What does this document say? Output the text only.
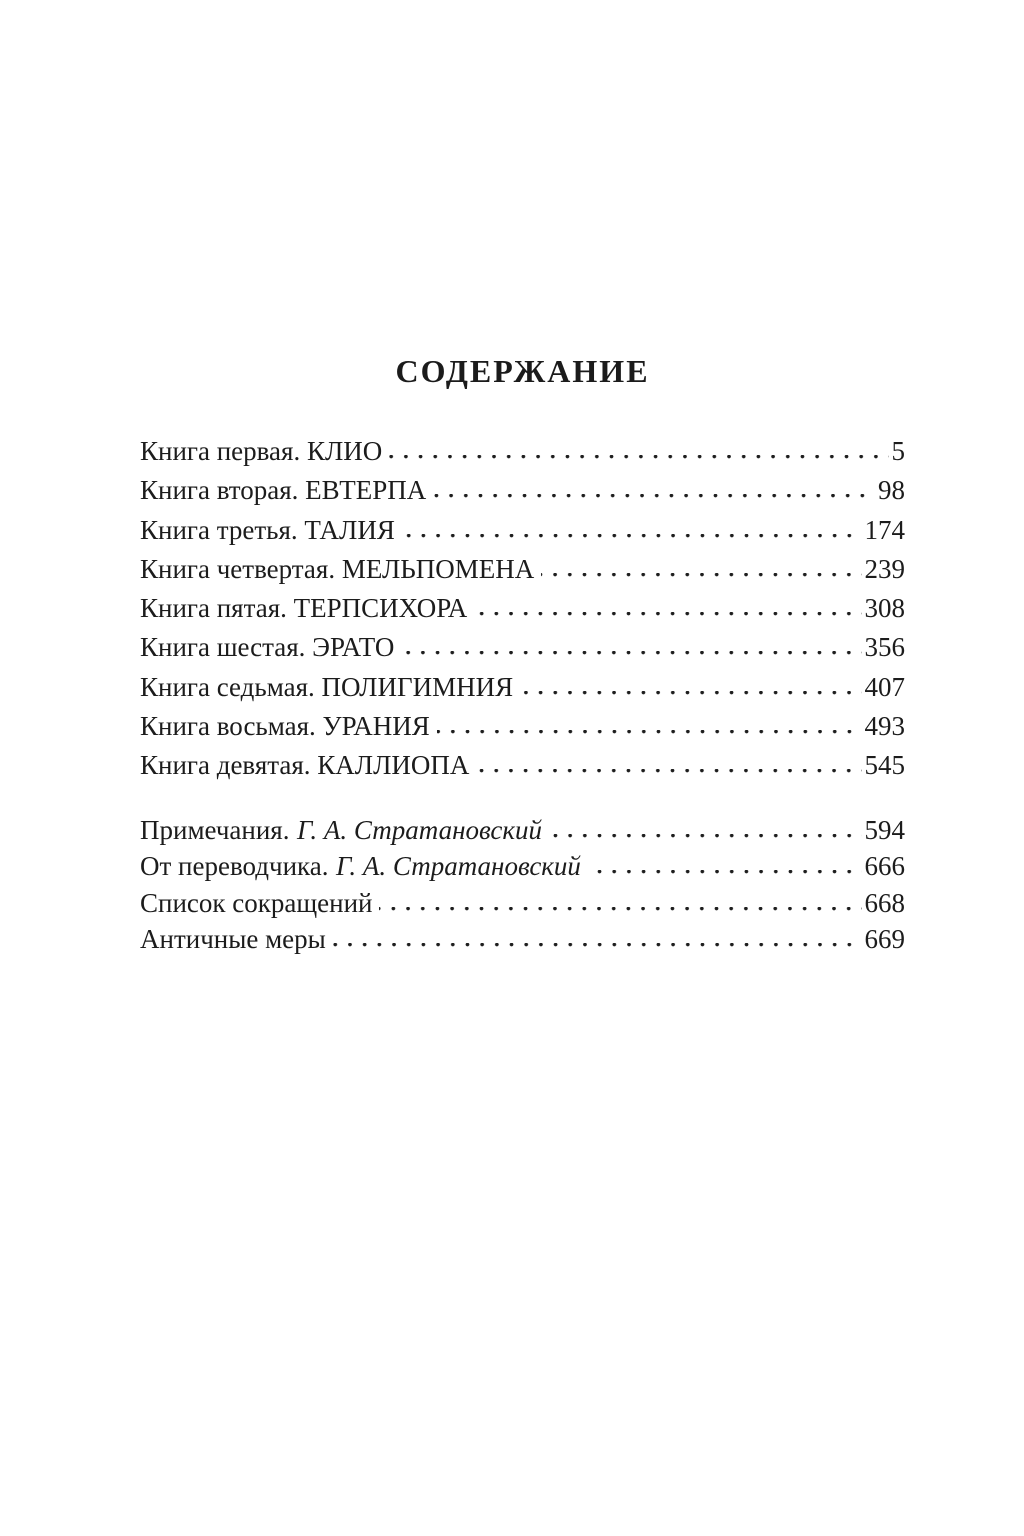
СОДЕРЖАНИЕ
Книга первая. КЛИО	5
Книга вторая. ЕВТЕРПА	98
Книга третья. ТАЛИЯ	174
Книга четвертая. МЕЛЬПОМЕНА	239
Книга пятая. ТЕРПСИХОРА	308
Книга шестая. ЭРАТО	356
Книга седьмая. ПОЛИГИМНИЯ	407
Книга восьмая. УРАНИЯ	493
Книга девятая. КАЛЛИОПА	545
Примечания. Г. А. Стратановский	594
От переводчика. Г. А. Стратановский	666
Список сокращений	668
Античные меры	669
